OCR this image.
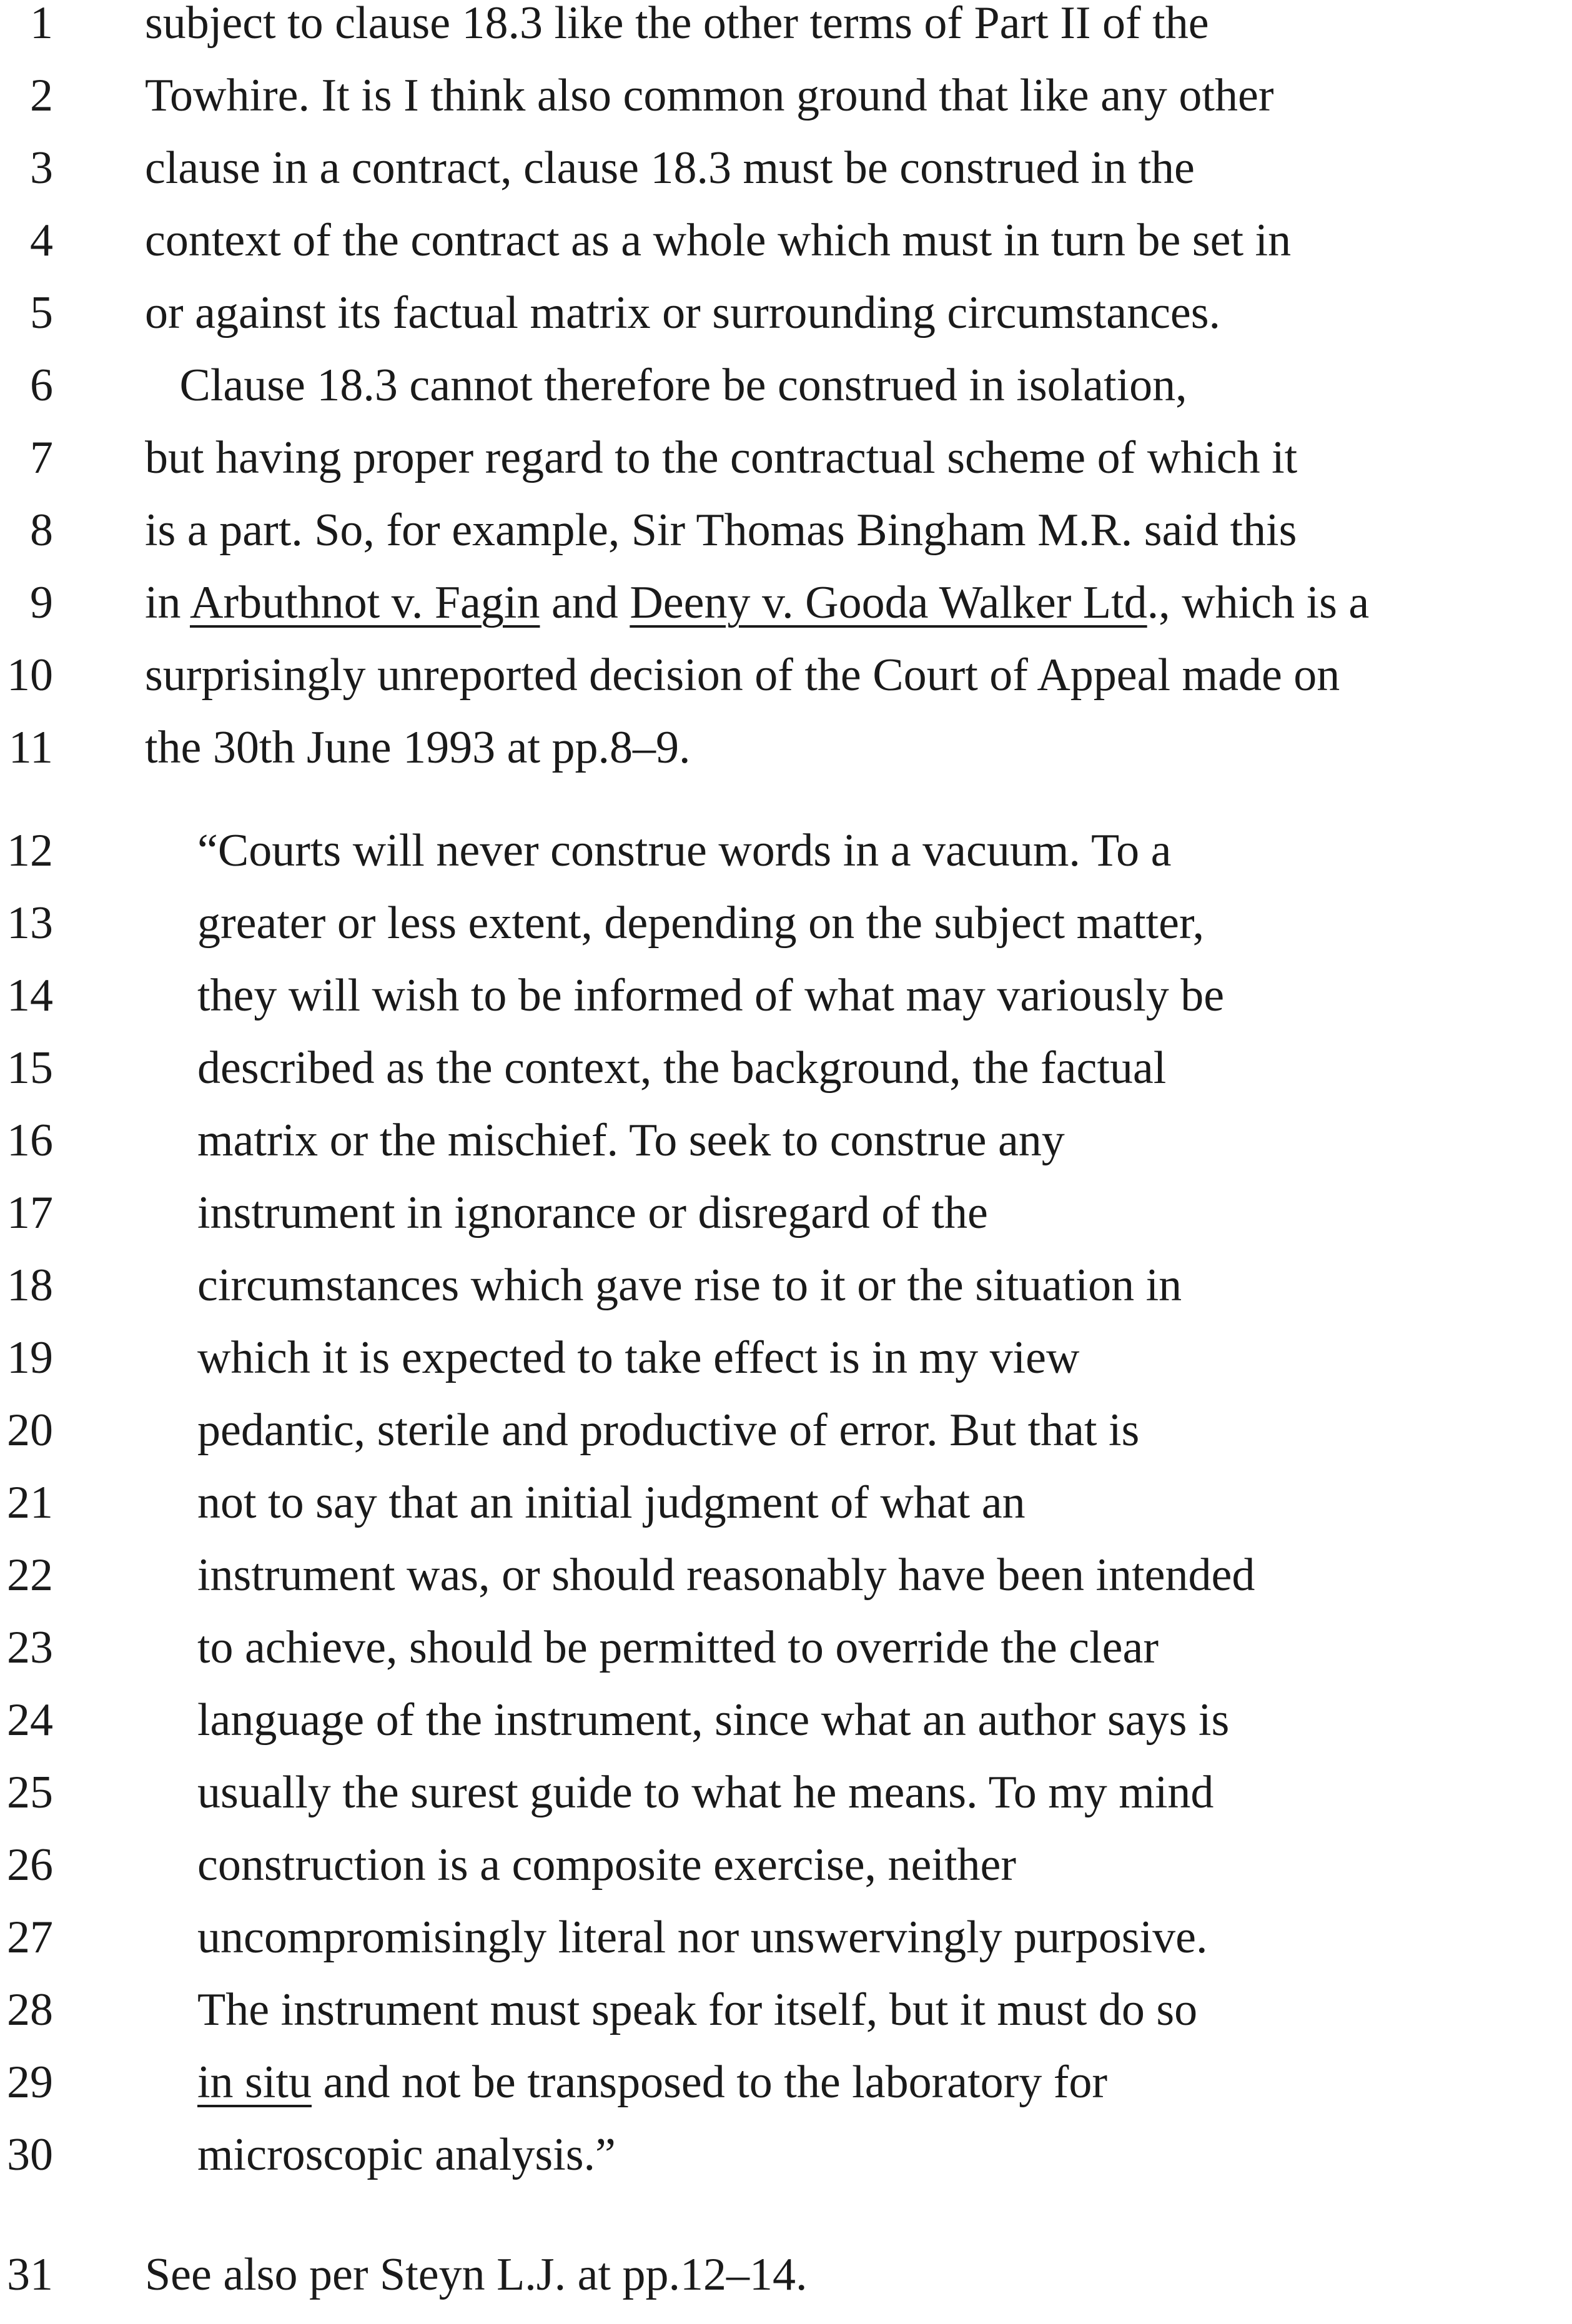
1 subject to clause 18.3 like the other terms of Part II of the
2 Towhire. It is I think also common ground that like any other
3 clause in a contract, clause 18.3 must be construed in the
4 context of the contract as a whole which must in turn be set in
5 or against its factual matrix or surrounding circumstances.
6 Clause 18.3 cannot therefore be construed in isolation,
7 but having proper regard to the contractual scheme of which it
8 is a part. So, for example, Sir Thomas Bingham M.R. said this
9 in Arbuthnot v. Fagin and Deeny v. Gooda Walker Ltd., which is a
10 surprisingly unreported decision of the Court of Appeal made on
11 the 30th June 1993 at pp.8–9.
12	“Courts will never construe words in a vacuum. To a
13	greater or less extent, depending on the subject matter,
14	they will wish to be informed of what may variously be
15	described as the context, the background, the factual
16	matrix or the mischief. To seek to construe any
17	instrument in ignorance or disregard of the
18	circumstances which gave rise to it or the situation in
19	which it is expected to take effect is in my view
20	pedantic, sterile and productive of error. But that is
21	not to say that an initial judgment of what an
22	instrument was, or should reasonably have been intended
23	to achieve, should be permitted to override the clear
24	language of the instrument, since what an author says is
25	usually the surest guide to what he means. To my mind
26	construction is a composite exercise, neither
27	uncompromisingly literal nor unswervingly purposive.
28	The instrument must speak for itself, but it must do so
29	in situ and not be transposed to the laboratory for
30	microscopic analysis.”
31 See also per Steyn L.J. at pp.12–14.
